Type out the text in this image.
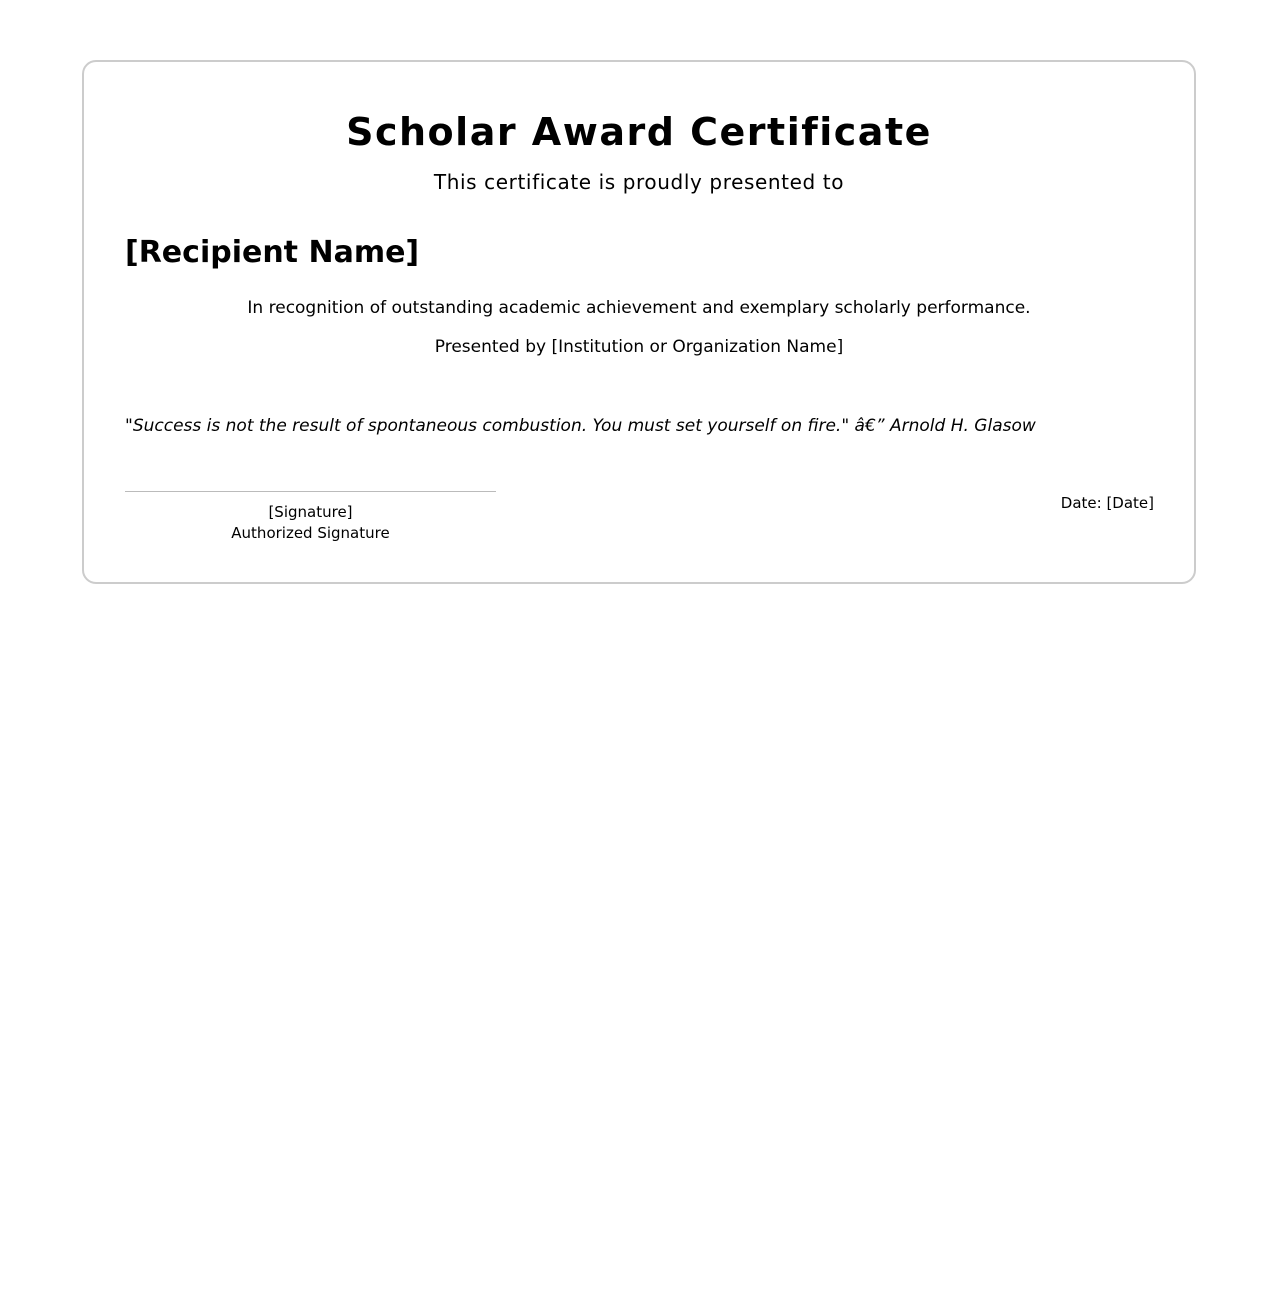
Scholar Award Certificate

This certificate is proudly presented to

[Recipient Name]

In recognition of outstanding academic achievement and exemplary scholarly performance.

Presented by [Institution or Organization Name]

"Success is not the result of spontaneous combustion. You must set yourself on fire." â€” Arnold H. Glasow

[Signature]
Authorized Signature
Date: [Date]
